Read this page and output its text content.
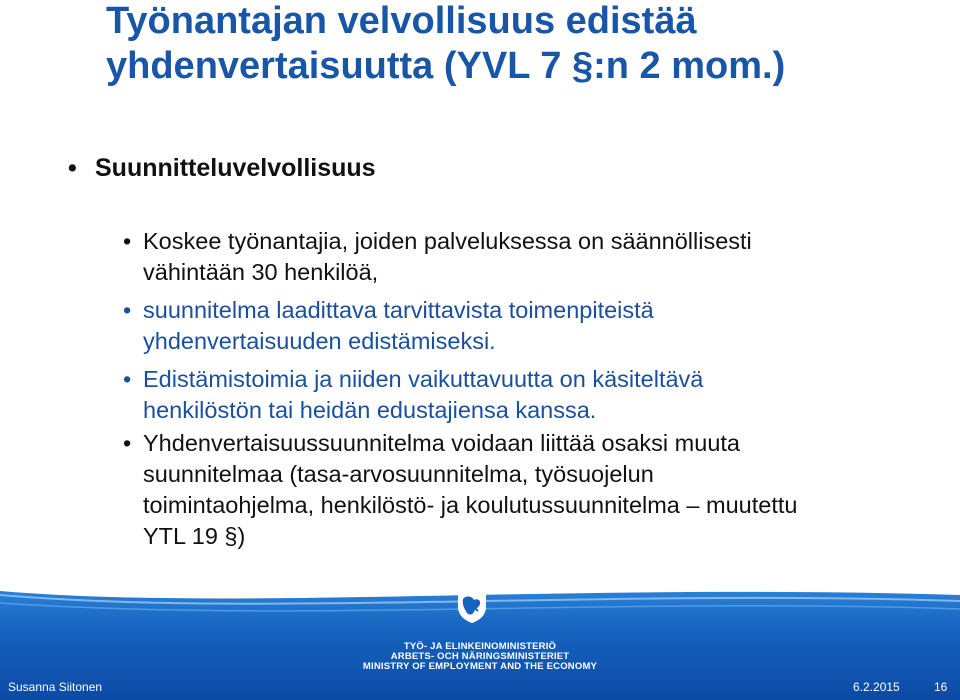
Työnantajan velvollisuus edistää
yhdenvertaisuutta (YVL 7 §:n 2 mom.)
• Suunnitteluvelvollisuus
• Koskee työnantajia, joiden palveluksessa on säännöllisesti
vähintään 30 henkilöä,
• suunnitelma laadittava tarvittavista toimenpiteistä
yhdenvertaisuuden edistämiseksi.
• Edistämistoimia ja niiden vaikuttavuutta on käsiteltävä
henkilöstön tai heidän edustajiensa kanssa.
• Yhdenvertaisuussuunnitelma voidaan liittää osaksi muuta
suunnitelmaa (tasa-arvosuunnitelma, työsuojelun
toimintaohjelma, henkilöstö- ja koulutussuunnitelma – muutettu
YTL 19 §)
TYÖ- JA ELINKEINOMINISTERIÖ
ARBETS- OCH NÄRINGSMINISTERIET
MINISTRY OF EMPLOYMENT AND THE ECONOMY
Susanna Siitonen	6.2.2015	16
